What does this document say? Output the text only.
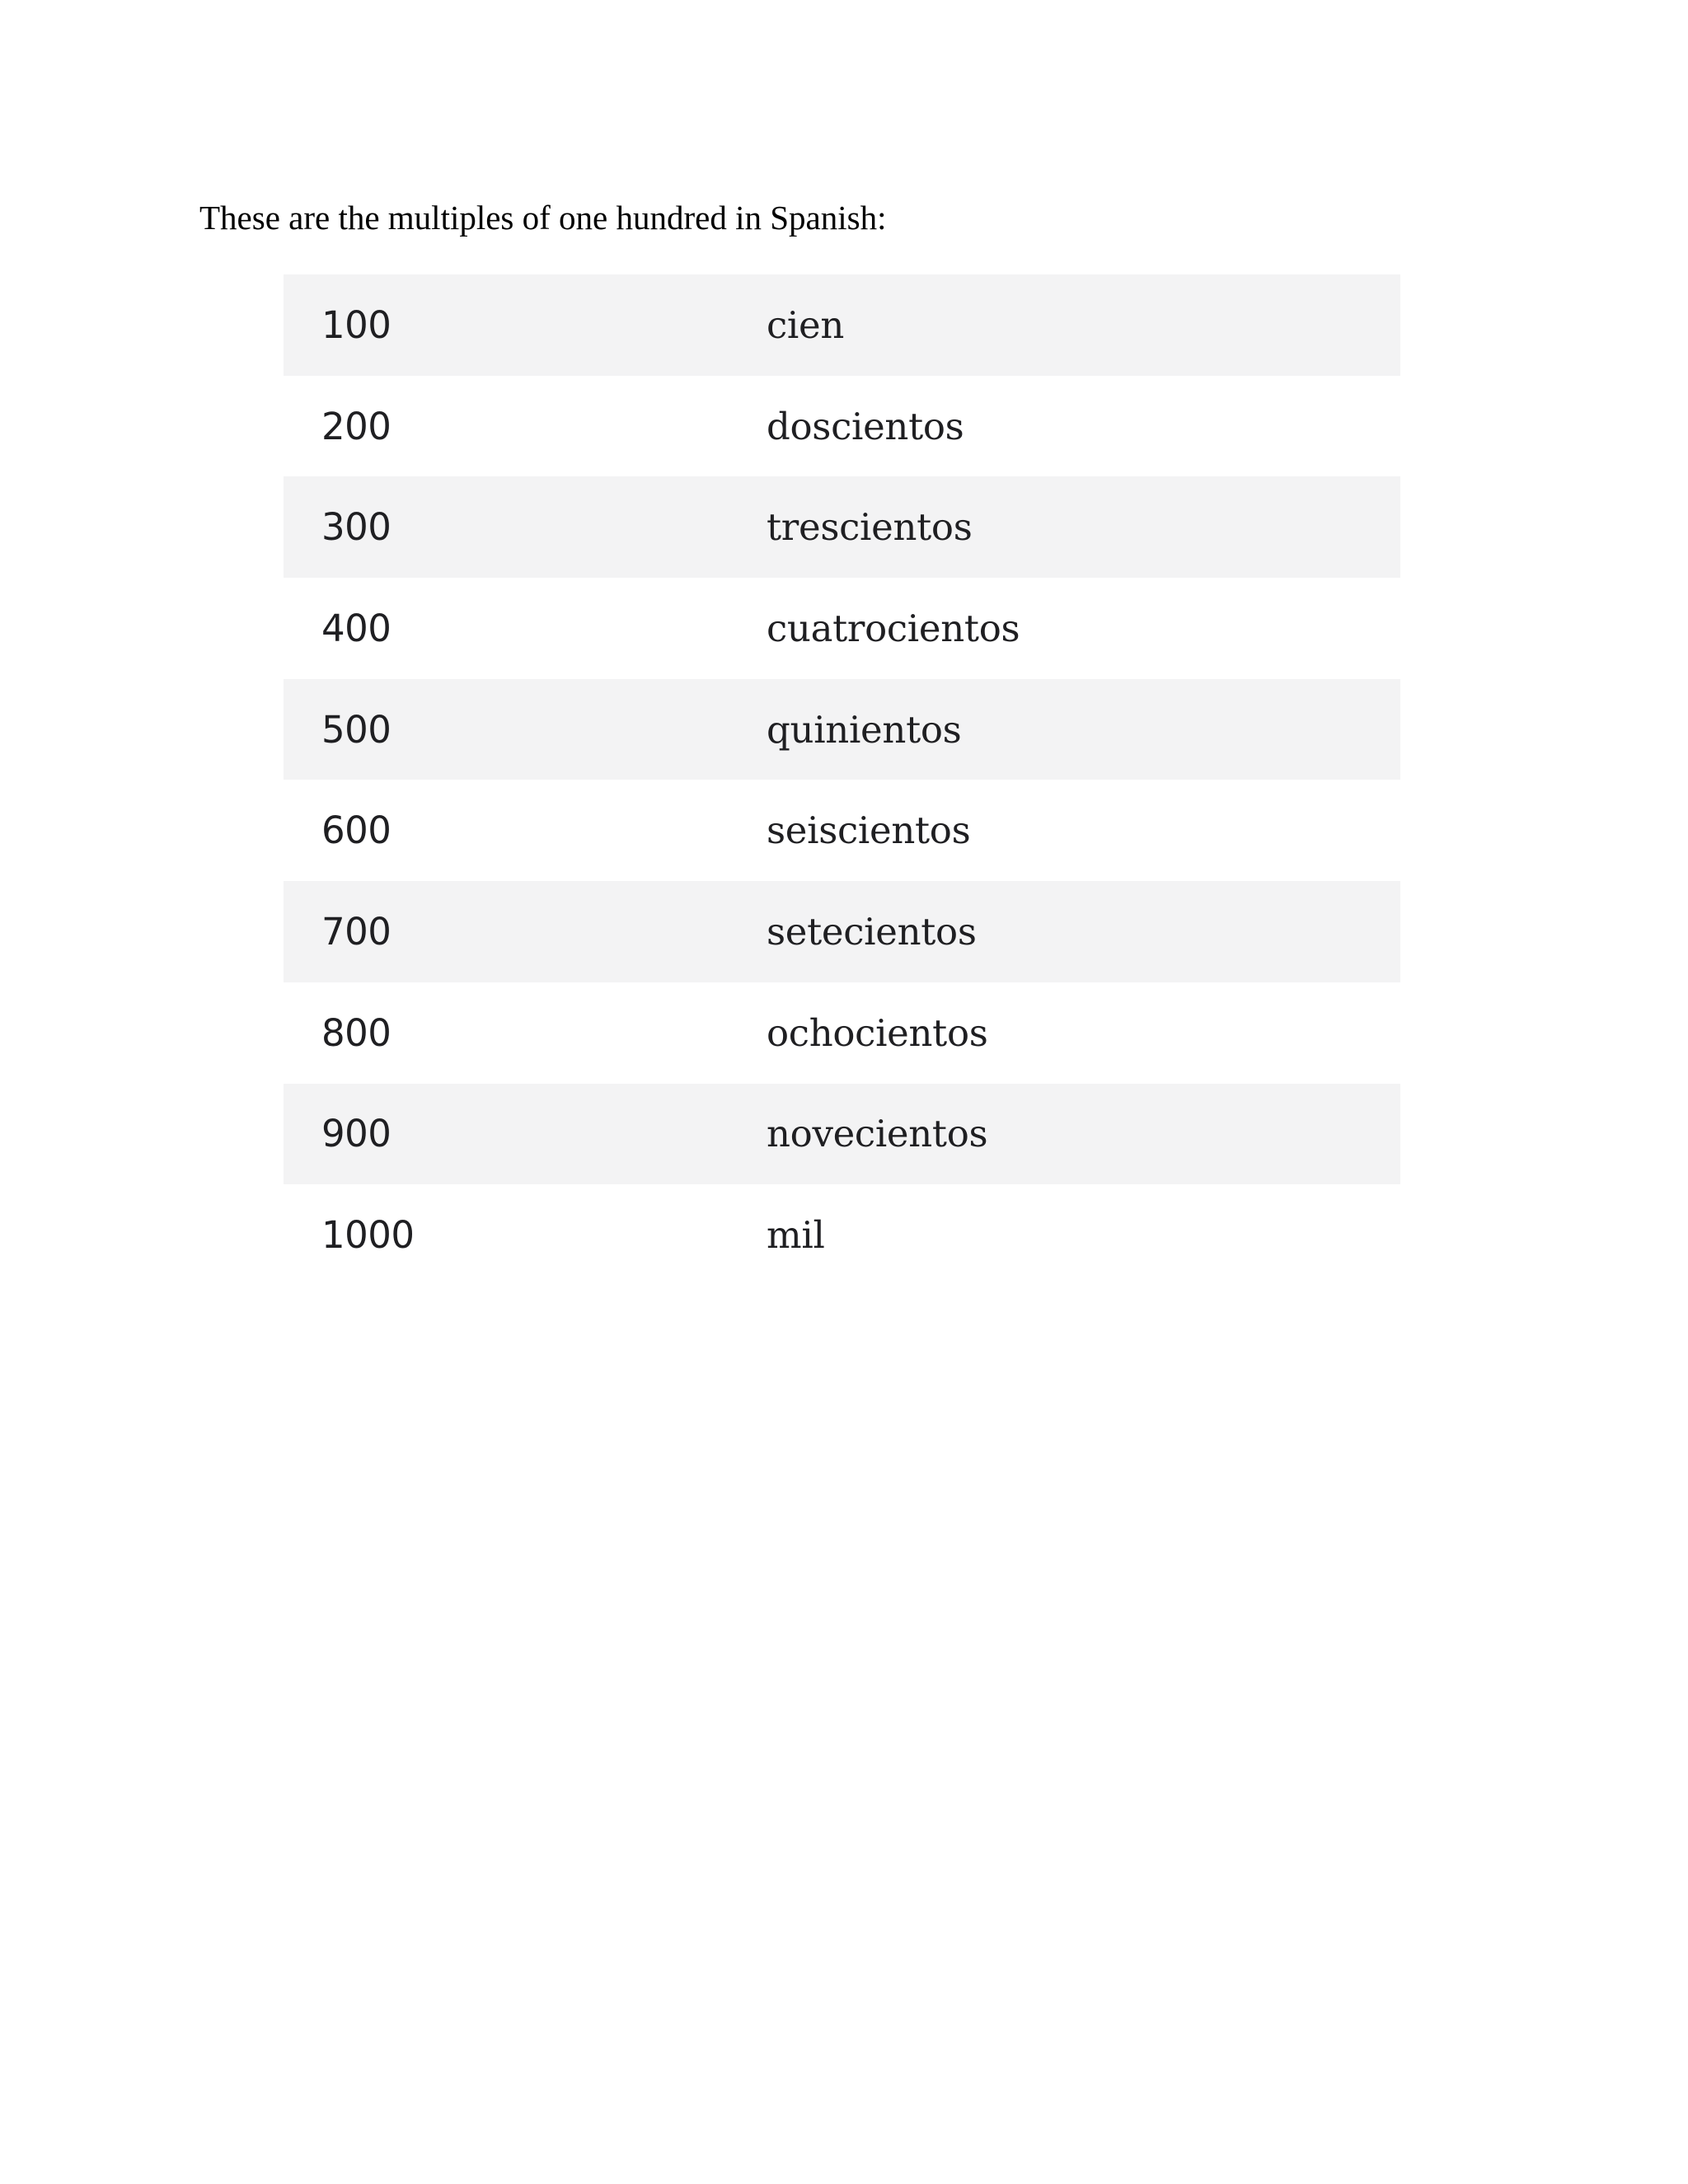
These are the multiples of one hundred in Spanish:
100	cien
200	doscientos
300	trescientos
400	cuatrocientos
500	quinientos
600	seiscientos
700	setecientos
800	ochocientos
900	novecientos
1000	mil
